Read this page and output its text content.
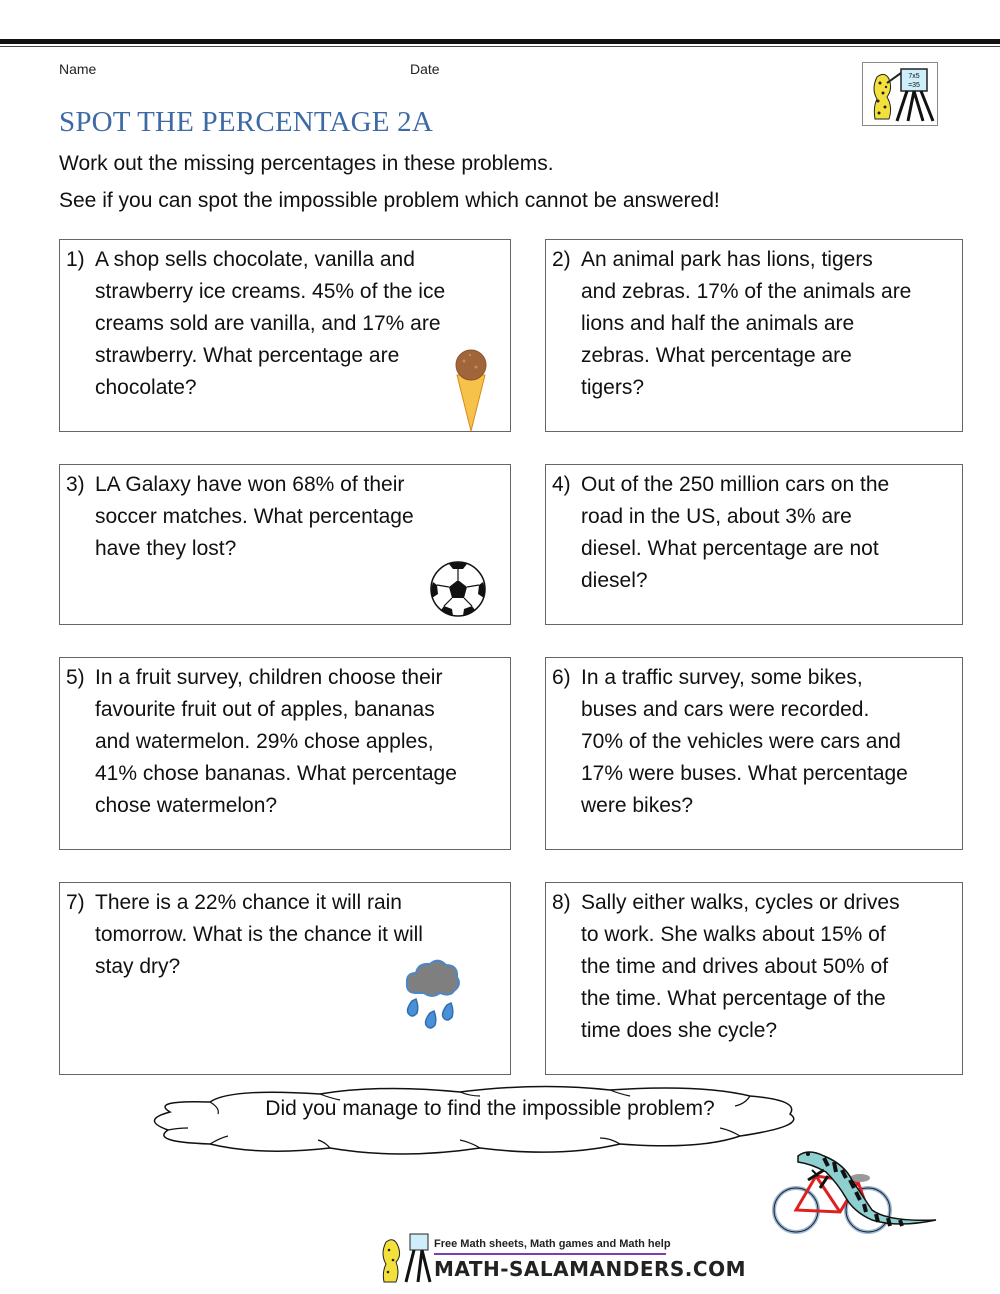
Name	Date	7x5
=35
SPOT THE PERCENTAGE 2A
Work out the missing percentages in these problems.
See if you can spot the impossible problem which cannot be answered!
1) A shop sells chocolate, vanilla and
strawberry ice creams. 45% of the ice
creams sold are vanilla, and 17% are
strawberry. What percentage are
chocolate?
2) An animal park has lions, tigers
and zebras. 17% of the animals are
lions and half the animals are
zebras. What percentage are
tigers?
3) LA Galaxy have won 68% of their
soccer matches. What percentage
have they lost?
4) Out of the 250 million cars on the
road in the US, about 3% are
diesel. What percentage are not
diesel?
5) In a fruit survey, children choose their
favourite fruit out of apples, bananas
and watermelon. 29% chose apples,
41% chose bananas. What percentage
chose watermelon?
6) In a traffic survey, some bikes,
buses and cars were recorded.
70% of the vehicles were cars and
17% were buses. What percentage
were bikes?
7) There is a 22% chance it will rain
tomorrow. What is the chance it will
stay dry?
8) Sally either walks, cycles or drives
to work. She walks about 15% of
the time and drives about 50% of
the time. What percentage of the
time does she cycle?
Did you manage to find the impossible problem?
Free Math sheets, Math games and Math help
MATH-SALAMANDERS.COM
